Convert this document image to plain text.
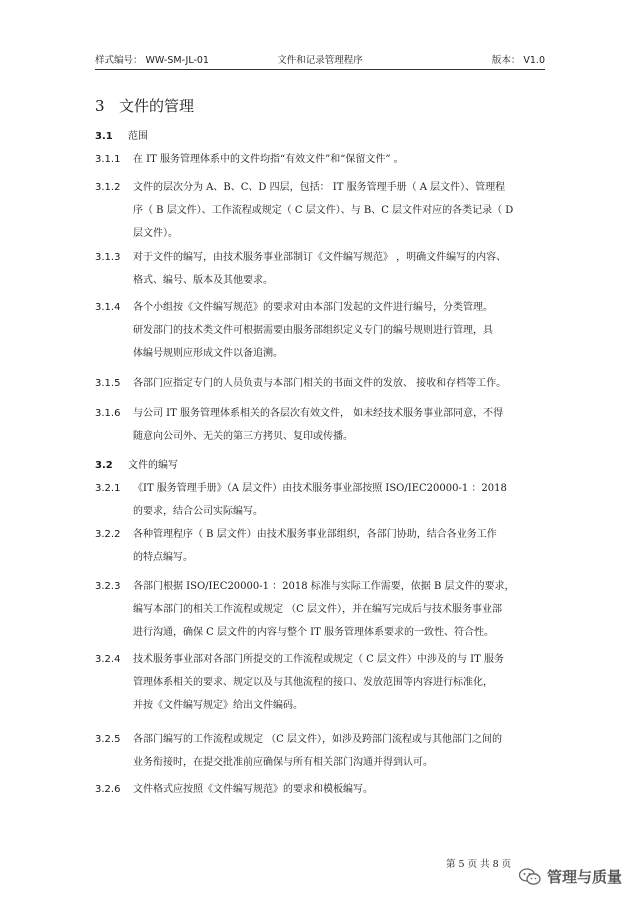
样式编号： WW-SM-JL-01	文件和记录管理程序	版本： V1.0
3 文件的管理
3.1 范围
3.1.1 在 IT 服务管理体系中的文件均指“有效文件”和“保留文件” 。
3.1.2 文件的层次分为 A、B、C、D 四层，包括： IT 服务管理手册（ A 层文件）、管理程
序（ B 层文件）、工作流程或规定（ C 层文件）、与 B、C 层文件对应的各类记录（ D
层文件）。
3.1.3 对于文件的编写，由技术服务事业部制订《文件编写规范》 ，明确文件编写的内容、
格式、编号、版本及其他要求。
3.1.4 各个小组按《文件编写规范》的要求对由本部门发起的文件进行编号，分类管理。
研发部门的技术类文件可根据需要由服务部组织定义专门的编号规则进行管理，具
体编号规则应形成文件以备追溯。
3.1.5 各部门应指定专门的人员负责与本部门相关的书面文件的发放、 接收和存档等工作。
3.1.6 与公司 IT 服务管理体系相关的各层次有效文件， 如未经技术服务事业部同意，不得
随意向公司外、无关的第三方拷贝、复印或传播。
3.2 文件的编写
3.2.1 《IT 服务管理手册》（A 层文件）由技术服务事业部按照 ISO/IEC20000-1 ：2018
的要求，结合公司实际编写。
3.2.2 各种管理程序（ B 层文件）由技术服务事业部组织，各部门协助，结合各业务工作
的特点编写。
3.2.3 各部门根据 ISO/IEC20000-1 ：2018 标准与实际工作需要，依据 B 层文件的要求，
编写本部门的相关工作流程或规定 （C 层文件），并在编写完成后与技术服务事业部
进行沟通，确保 C 层文件的内容与整个 IT 服务管理体系要求的一致性、符合性。
3.2.4 技术服务事业部对各部门所提交的工作流程或规定（ C 层文件）中涉及的与 IT 服务
管理体系相关的要求、规定以及与其他流程的接口、发放范围等内容进行标准化，
并按《文件编写规定》给出文件编码。
3.2.5 各部门编写的工作流程或规定 （C 层文件），如涉及跨部门流程或与其他部门之间的
业务衔接时，在提交批准前应确保与所有相关部门沟通并得到认可。
3.2.6 文件格式应按照《文件编写规范》的要求和模板编写。
第 5 页 共 8 页
管理与质量
